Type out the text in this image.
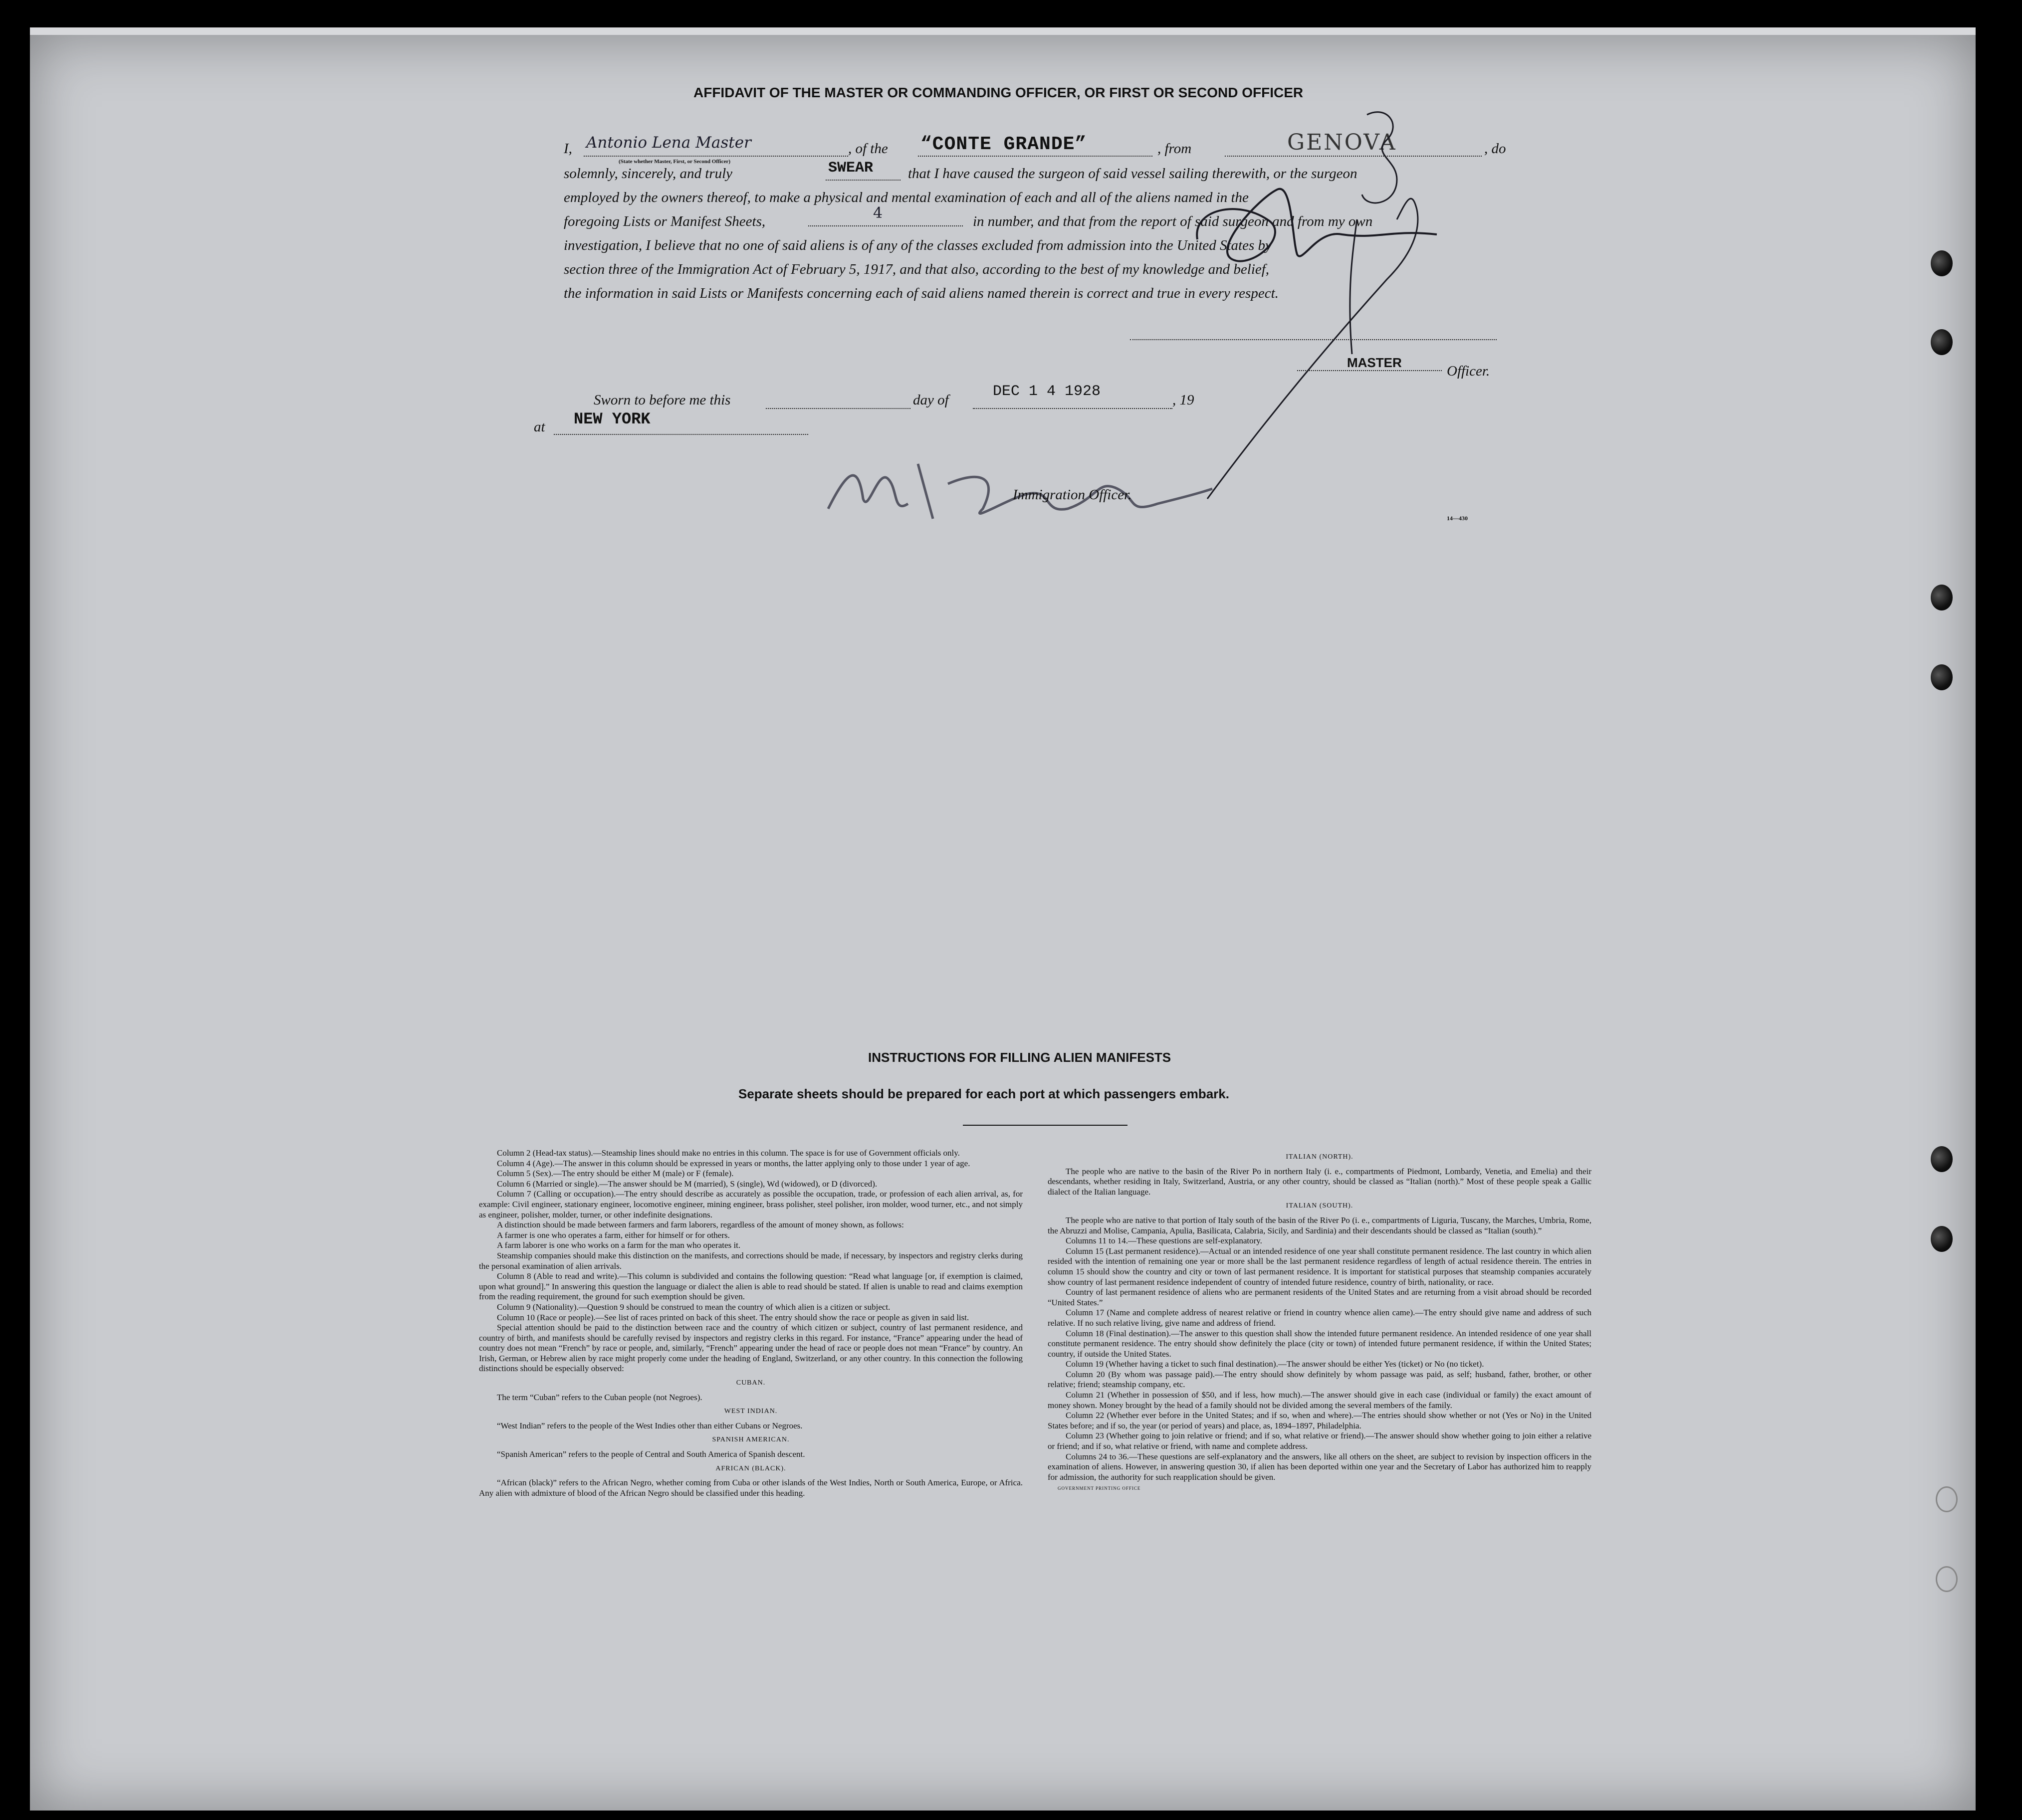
AFFIDAVIT OF THE MASTER OR COMMANDING OFFICER, OR FIRST OR SECOND OFFICER
I, Antonio Lena Master
(State whether Master, First, or Second Officer)
, of the “CONTE GRANDE”	, from	GENOVA	, do
solemnly, sincerely, and truly	SWEAR that I have caused the surgeon of said vessel sailing therewith, or the surgeon
employed by the owners thereof, to make a physical and mental examination of each and all of the aliens named in the
foregoing Lists or Manifest Sheets,	4	in number, and that from the report of said surgeon and from my own
investigation, I believe that no one of said aliens is of any of the classes excluded from admission into the United States by
section three of the Immigration Act of February 5, 1917, and that also, according to the best of my knowledge and belief,
the information in said Lists or Manifests concerning each of said aliens named therein is correct and true in every respect.
MASTER
Officer.
Sworn to before me this	day of	DEC 1 4 1928	, 19
at NEW YORK
Immigration Officer.
14—430
INSTRUCTIONS FOR FILLING ALIEN MANIFESTS
Separate sheets should be prepared for each port at which passengers embark.

Column 2 (Head-tax status).—Steamship lines should make no entries in this column. The space is for use of Government officials only.

Column 4 (Age).—The answer in this column should be expressed in years or months, the latter applying only to those under 1 year of age.

Column 5 (Sex).—The entry should be either M (male) or F (female).

Column 6 (Married or single).—The answer should be M (married), S (single), Wd (widowed), or D (divorced).

Column 7 (Calling or occupation).—The entry should describe as accurately as possible the occupation, trade, or profession of each alien arrival, as, for example: Civil engineer, stationary engineer, locomotive engineer, mining engineer, brass polisher, steel polisher, iron molder, wood turner, etc., and not simply as engineer, polisher, molder, turner, or other indefinite designations.

A distinction should be made between farmers and farm laborers, regardless of the amount of money shown, as follows:

A farmer is one who operates a farm, either for himself or for others.

A farm laborer is one who works on a farm for the man who operates it.

Steamship companies should make this distinction on the manifests, and corrections should be made, if necessary, by inspectors and registry clerks during the personal examination of alien arrivals.

Column 8 (Able to read and write).—This column is subdivided and contains the following question: “Read what language [or, if exemption is claimed, upon what ground].” In answering this question the language or dialect the alien is able to read should be stated. If alien is unable to read and claims exemption from the reading requirement, the ground for such exemption should be given.

Column 9 (Nationality).—Question 9 should be construed to mean the country of which alien is a citizen or subject.

Column 10 (Race or people).—See list of races printed on back of this sheet. The entry should show the race or people as given in said list.

Special attention should be paid to the distinction between race and the country of which citizen or subject, country of last permanent residence, and country of birth, and manifests should be carefully revised by inspectors and registry clerks in this regard. For instance, “France” appearing under the head of country does not mean “French” by race or people, and, similarly, “French” appearing under the head of race or people does not mean “France” by country. An Irish, German, or Hebrew alien by race might properly come under the heading of England, Switzerland, or any other country. In this connection the following distinctions should be especially observed:

CUBAN.

The term “Cuban” refers to the Cuban people (not Negroes).

WEST INDIAN.

“West Indian” refers to the people of the West Indies other than either Cubans or Negroes.

SPANISH AMERICAN.

“Spanish American” refers to the people of Central and South America of Spanish descent.

AFRICAN (BLACK).

“African (black)” refers to the African Negro, whether coming from Cuba or other islands of the West Indies, North or South America, Europe, or Africa. Any alien with admixture of blood of the African Negro should be classified under this heading.

ITALIAN (NORTH).

The people who are native to the basin of the River Po in northern Italy (i. e., compartments of Piedmont, Lombardy, Venetia, and Emelia) and their descendants, whether residing in Italy, Switzerland, Austria, or any other country, should be classed as “Italian (north).” Most of these people speak a Gallic dialect of the Italian language.

ITALIAN (SOUTH).

The people who are native to that portion of Italy south of the basin of the River Po (i. e., compartments of Liguria, Tuscany, the Marches, Umbria, Rome, the Abruzzi and Molise, Campania, Apulia, Basilicata, Calabria, Sicily, and Sardinia) and their descendants should be classed as “Italian (south).”

Columns 11 to 14.—These questions are self-explanatory.

Column 15 (Last permanent residence).—Actual or an intended residence of one year shall constitute permanent residence. The last country in which alien resided with the intention of remaining one year or more shall be the last permanent residence regardless of length of actual residence therein. The entries in column 15 should show the country and city or town of last permanent residence. It is important for statistical purposes that steamship companies accurately show country of last permanent residence independent of country of intended future residence, country of birth, nationality, or race.

Country of last permanent residence of aliens who are permanent residents of the United States and are returning from a visit abroad should be recorded “United States.”

Column 17 (Name and complete address of nearest relative or friend in country whence alien came).—The entry should give name and address of such relative. If no such relative living, give name and address of friend.

Column 18 (Final destination).—The answer to this question shall show the intended future permanent residence. An intended residence of one year shall constitute permanent residence. The entry should show definitely the place (city or town) of intended future permanent residence, if within the United States; country, if outside the United States.

Column 19 (Whether having a ticket to such final destination).—The answer should be either Yes (ticket) or No (no ticket).

Column 20 (By whom was passage paid).—The entry should show definitely by whom passage was paid, as self; husband, father, brother, or other relative; friend; steamship company, etc.

Column 21 (Whether in possession of $50, and if less, how much).—The answer should give in each case (individual or family) the exact amount of money shown. Money brought by the head of a family should not be divided among the several members of the family.

Column 22 (Whether ever before in the United States; and if so, when and where).—The entries should show whether or not (Yes or No) in the United States before; and if so, the year (or period of years) and place, as, 1894–1897, Philadelphia.

Column 23 (Whether going to join relative or friend; and if so, what relative or friend).—The answer should show whether going to join either a relative or friend; and if so, what relative or friend, with name and complete address.

Columns 24 to 36.—These questions are self-explanatory and the answers, like all others on the sheet, are subject to revision by inspection officers in the examination of aliens. However, in answering question 30, if alien has been deported within one year and the Secretary of Labor has authorized him to reapply for admission, the authority for such reapplication should be given.

GOVERNMENT PRINTING OFFICE
